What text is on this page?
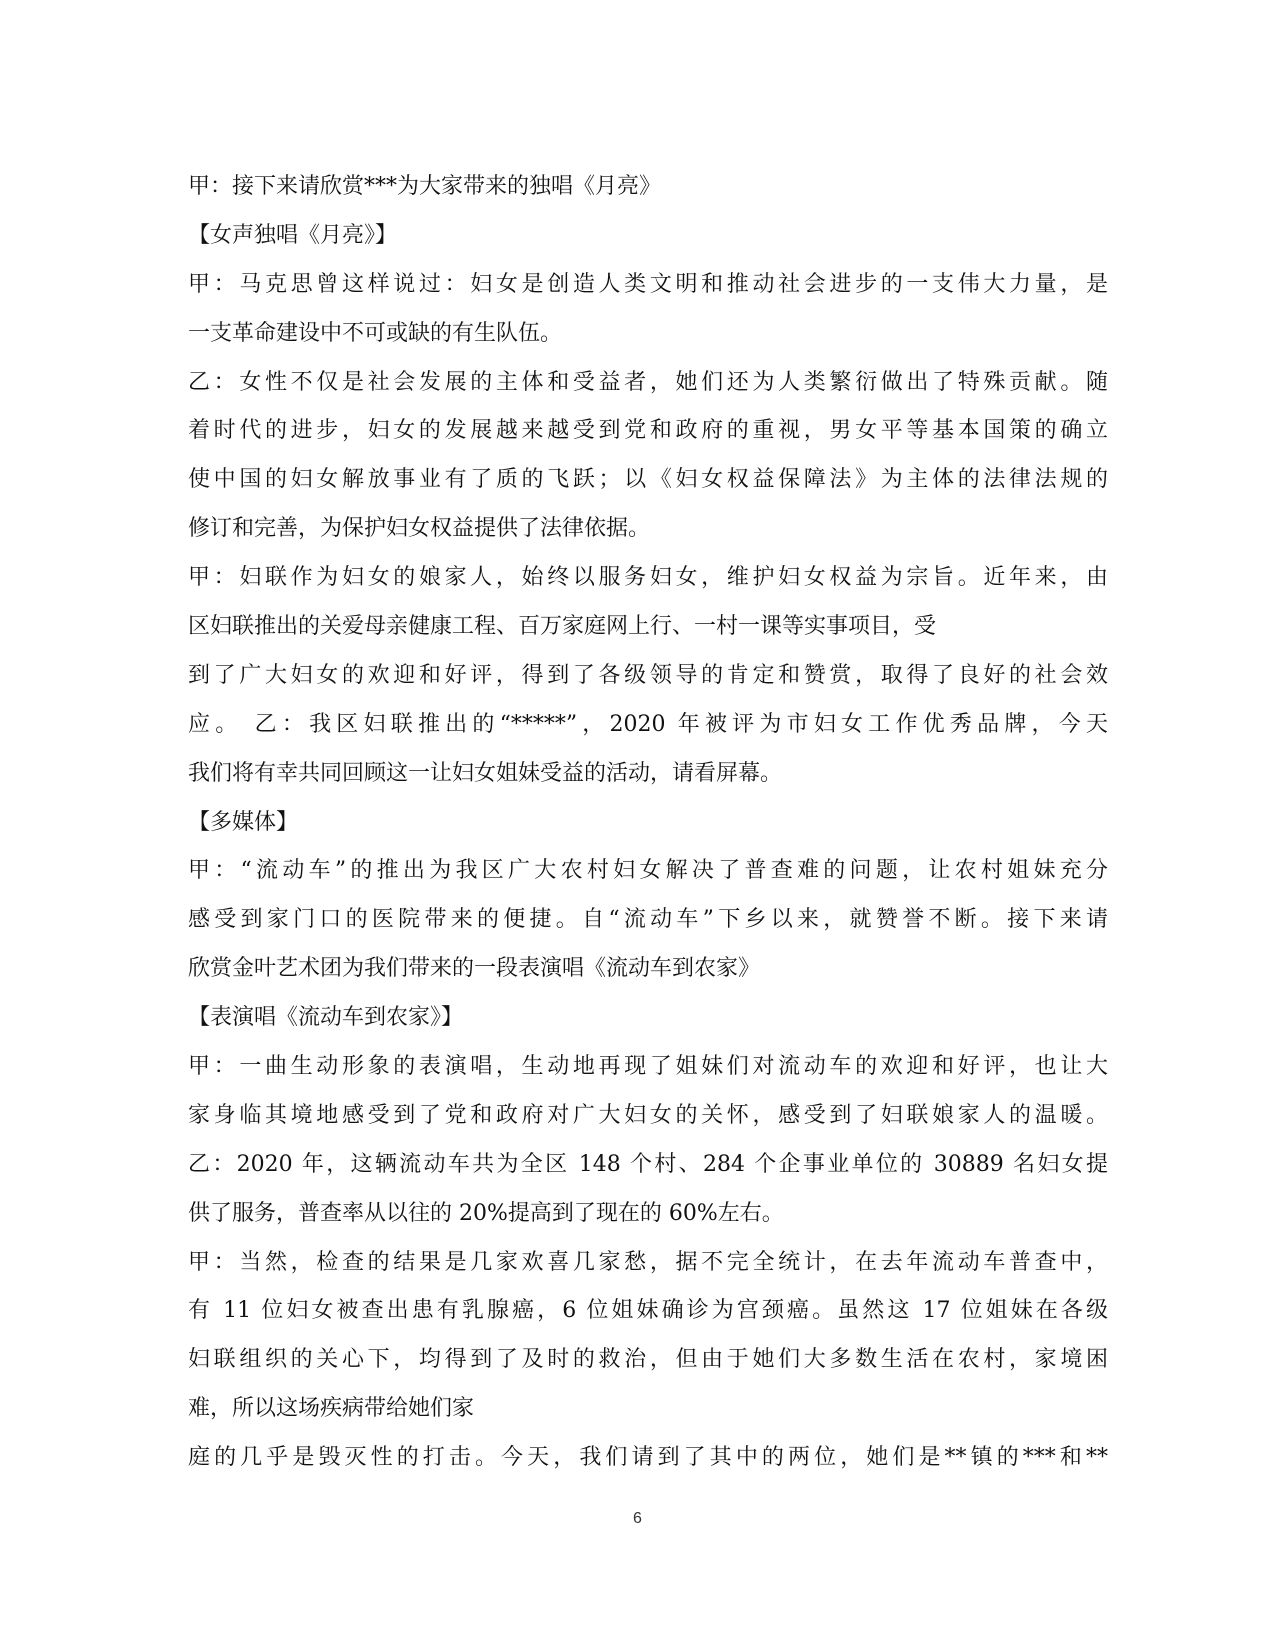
甲：接下来请欣赏***为大家带来的独唱《月亮》
【女声独唱《月亮》】
甲：马克思曾这样说过：妇女是创造人类文明和推动社会进步的一支伟大力量，是
一支革命建设中不可或缺的有生队伍。
乙：女性不仅是社会发展的主体和受益者，她们还为人类繁衍做出了特殊贡献。随
着时代的进步，妇女的发展越来越受到党和政府的重视，男女平等基本国策的确立
使中国的妇女解放事业有了质的飞跃；以《妇女权益保障法》为主体的法律法规的
修订和完善，为保护妇女权益提供了法律依据。
甲：妇联作为妇女的娘家人，始终以服务妇女，维护妇女权益为宗旨。近年来，由
区妇联推出的关爱母亲健康工程、百万家庭网上行、一村一课等实事项目，受
到了广大妇女的欢迎和好评，得到了各级领导的肯定和赞赏，取得了良好的社会效
应。 乙：我区妇联推出的“*****”，2020 年被评为市妇女工作优秀品牌，今天
我们将有幸共同回顾这一让妇女姐妹受益的活动，请看屏幕。
【多媒体】
甲：“流动车”的推出为我区广大农村妇女解决了普查难的问题，让农村姐妹充分
感受到家门口的医院带来的便捷。自“流动车”下乡以来，就赞誉不断。接下来请
欣赏金叶艺术团为我们带来的一段表演唱《流动车到农家》
【表演唱《流动车到农家》】
甲：一曲生动形象的表演唱，生动地再现了姐妹们对流动车的欢迎和好评，也让大
家身临其境地感受到了党和政府对广大妇女的关怀，感受到了妇联娘家人的温暖。
乙：2020 年，这辆流动车共为全区 148 个村、284 个企事业单位的 30889 名妇女提
供了服务，普查率从以往的 20%提高到了现在的 60%左右。
甲：当然，检查的结果是几家欢喜几家愁，据不完全统计，在去年流动车普查中，
有 11 位妇女被查出患有乳腺癌，6 位姐妹确诊为宫颈癌。虽然这 17 位姐妹在各级
妇联组织的关心下，均得到了及时的救治，但由于她们大多数生活在农村，家境困
难，所以这场疾病带给她们家
庭的几乎是毁灭性的打击。今天，我们请到了其中的两位，她们是**镇的***和**
6
